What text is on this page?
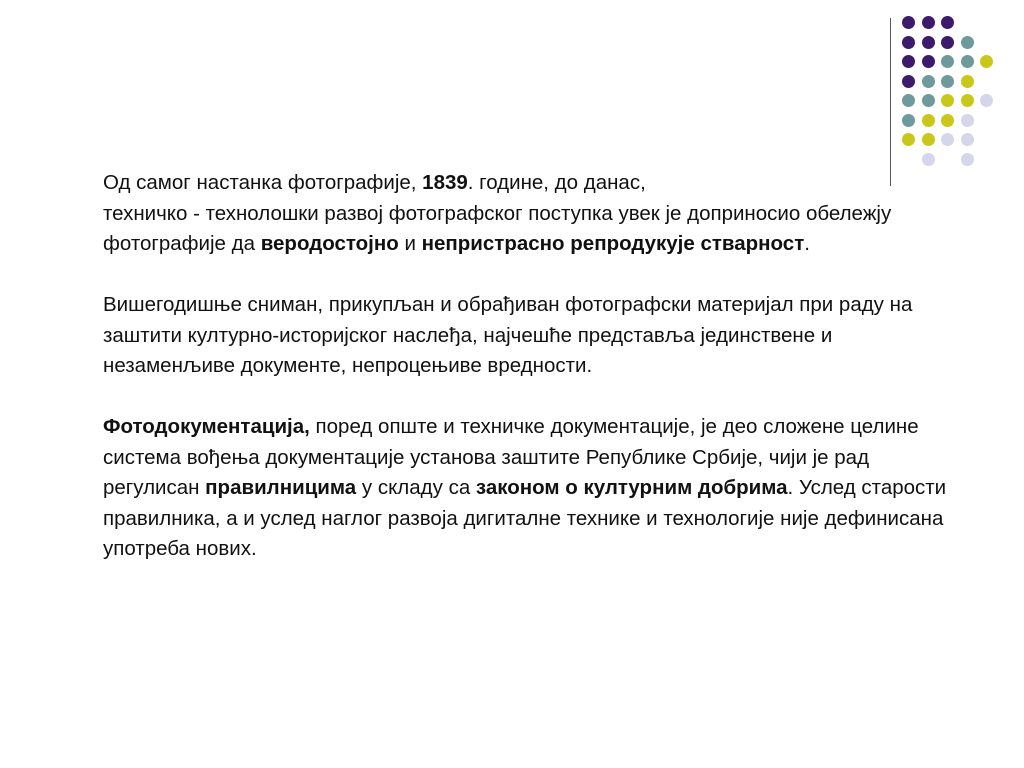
Од самог настанка фотографије, 1839. године, до данас,
техничко - технолошки развој фотографског поступка увек је доприносио обележју фотографије да веродостојно и непристрасно репродукује стварност.

Вишегодишње сниман, прикупљан и обрађиван фотографски материјал при раду на заштити културно-историјског наслеђа, најчешће представља јединствене и незаменљиве документе, непроцењиве вредности.

Фотодокументација, поред опште и техничке документације, је део сложене целине система вођења документације установа заштите Републике Србије, чији је рад регулисан правилницима у складу са законом о културним добрима. Услед старости правилника, а и услед наглог развоја дигиталне технике и технологије није дефинисана употреба нових.
